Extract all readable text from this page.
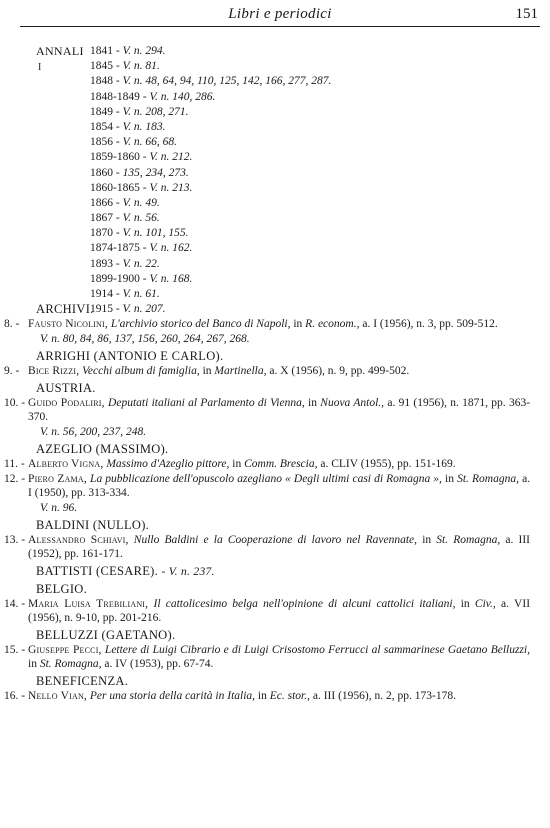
Libri e periodici	151
I
ANNALI 1841 - V. n. 294.
1845 - V. n. 81.
1848 - V. n. 48, 64, 94, 110, 125, 142, 166, 277, 287.
1848-1849 - V. n. 140, 286.
1849 - V. n. 208, 271.
1854 - V. n. 183.
1856 - V. n. 66, 68.
1859-1860 - V. n. 212.
1860 - 135, 234, 273.
1860-1865 - V. n. 213.
1866 - V. n. 49.
1867 - V. n. 56.
1870 - V. n. 101, 155.
1874-1875 - V. n. 162.
1893 - V. n. 22.
1899-1900 - V. n. 168.
1914 - V. n. 61.
1915 - V. n. 207.
ARCHIVI.
8. - Fausto Nicolini, L'archivio storico del Banco di Napoli, in R. econom., a. I (1956), n. 3, pp. 509-512.
V. n. 80, 84, 86, 137, 156, 260, 264, 267, 268.
ARRIGHI (ANTONIO E CARLO).
9. - Bice Rizzi, Vecchi album di famiglia, in Martinella, a. X (1956), n. 9, pp. 499-502.
AUSTRIA.
10. - Guido Podaliri, Deputati italiani al Parlamento di Vienna, in Nuova Antol., a. 91 (1956), n. 1871, pp. 363-370.
V. n. 56, 200, 237, 248.
AZEGLIO (MASSIMO).
11. - Alberto Vigna, Massimo d'Azeglio pittore, in Comm. Brescia, a. CLIV (1955), pp. 151-169.
12. - Piero Zama, La pubblicazione dell'opuscolo azegliano « Degli ultimi casi di Romagna », in St. Romagna, a. I (1950), pp. 313-334.
V. n. 96.
BALDINI (NULLO).
13. - Alessandro Schiavi, Nullo Baldini e la Cooperazione di lavoro nel Ravennate, in St. Romagna, a. III (1952), pp. 161-171.
BATTISTI (CESARE). - V. n. 237.
BELGIO.
14. - Maria Luisa Trebiliani, Il cattolicesimo belga nell'opinione di alcuni cattolici italiani, in Civ., a. VII (1956), n. 9-10, pp. 201-216.
BELLUZZI (GAETANO).
15. - Giuseppe Pecci, Lettere di Luigi Cibrario e di Luigi Crisostomo Ferrucci al sammarinese Gaetano Belluzzi, in St. Romagna, a. IV (1953), pp. 67-74.
BENEFICENZA.
16. - Nello Vian, Per una storia della carità in Italia, in Ec. stor., a. III (1956), n. 2, pp. 173-178.
